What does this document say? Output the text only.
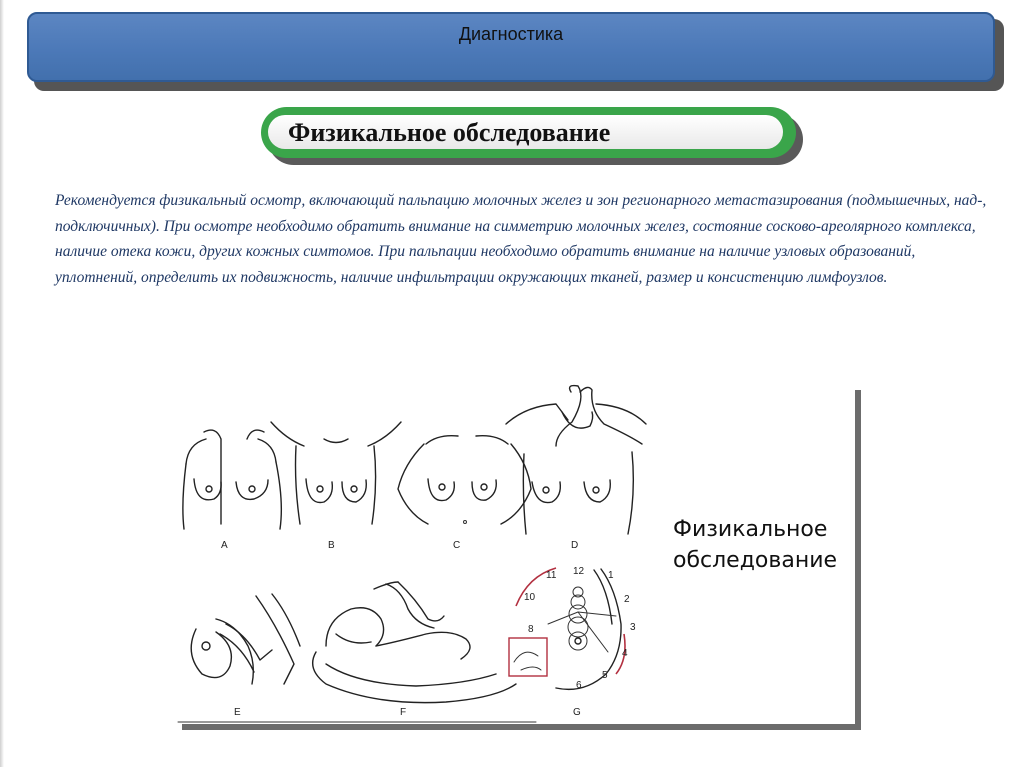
Диагностика
Физикальное обследование

Рекомендуется физикальный осмотр, включающий пальпацию молочных желез и зон регионарного метастазирования (подмышечных, над-, подключичных). При осмотре необходимо обратить внимание на симметрию молочных желез, состояние сосково-ареолярного комплекса, наличие отека кожи, других кожных симтомов. При пальпации необходимо обратить внимание на наличие узловых образований, уплотнений, определить их подвижность, наличие инфильтрации окружающих тканей, размер и консистенцию лимфоузлов.

A	B	C	D
E	F	G
12 1
2
3
4
5
6
8
10
11
Физикальное
обследование
